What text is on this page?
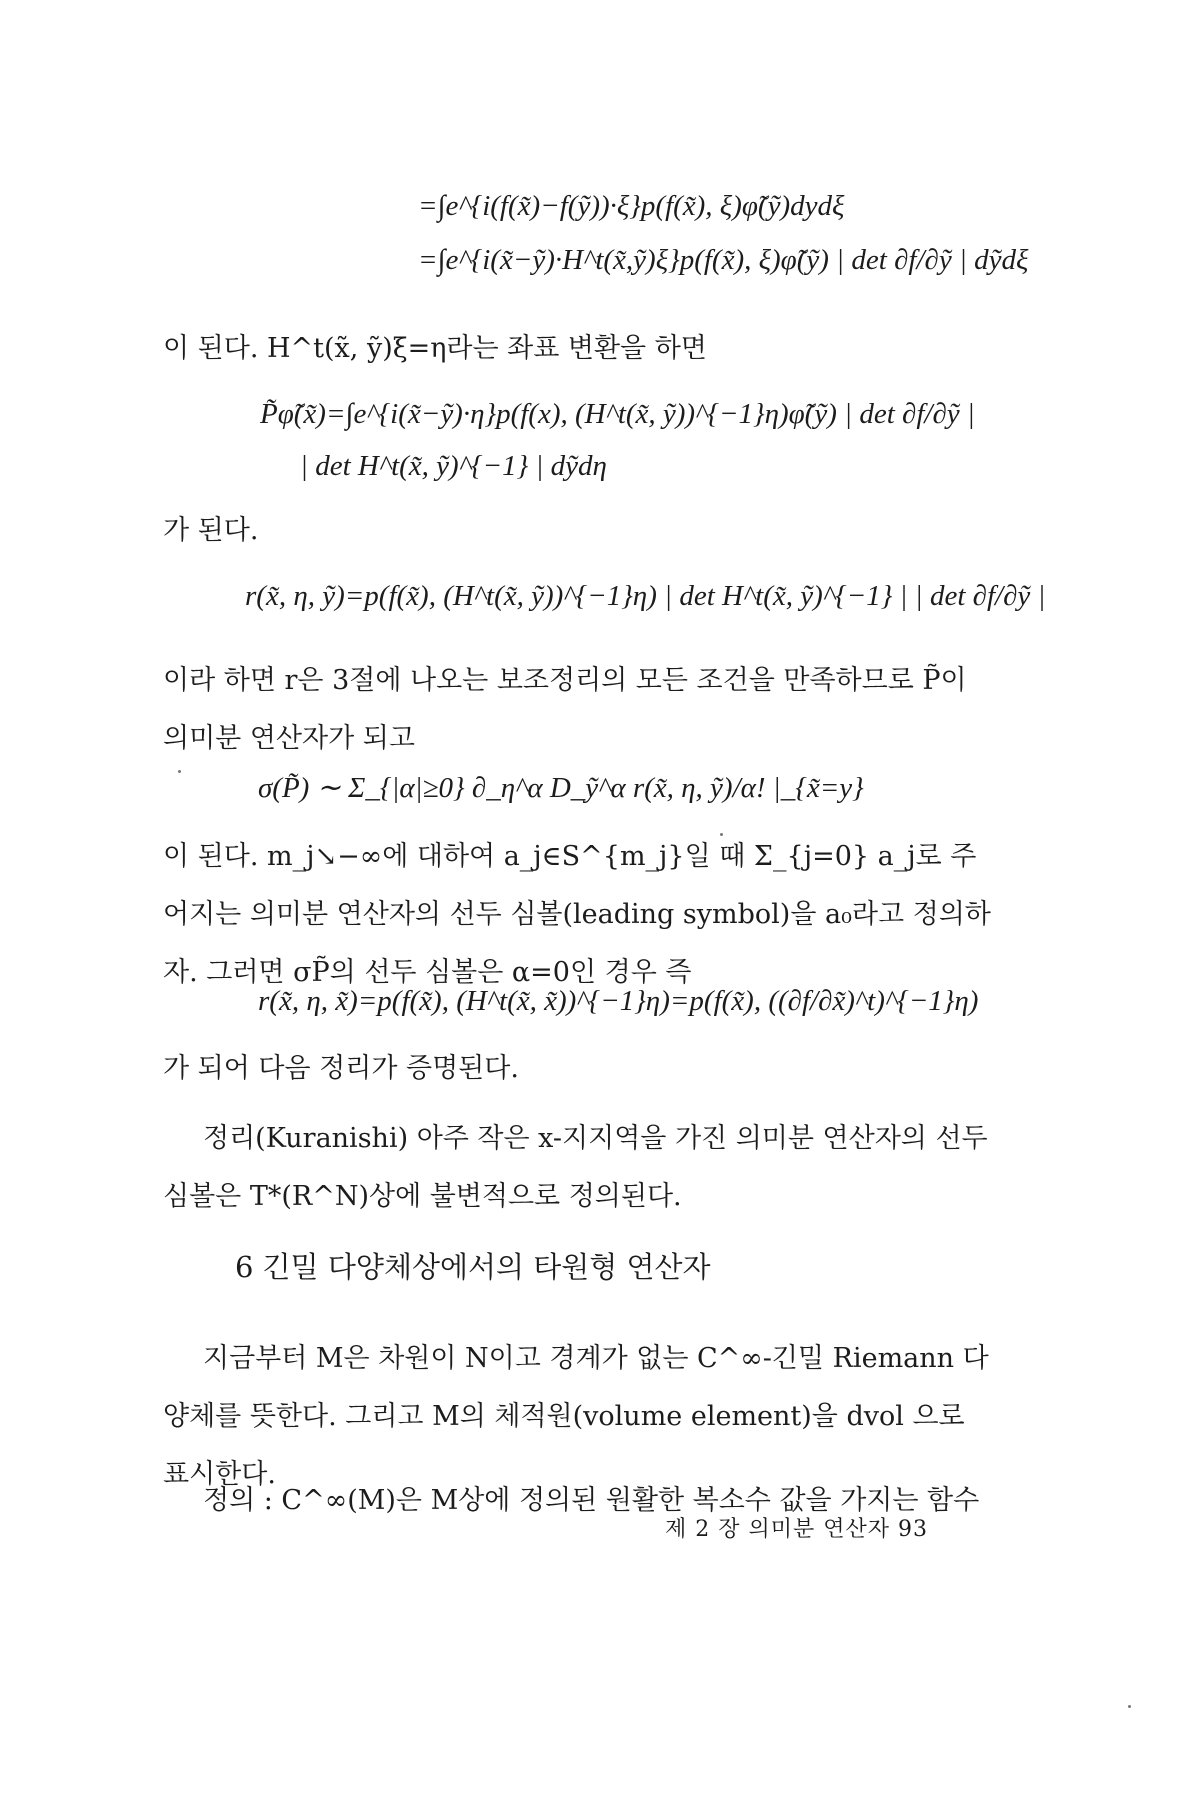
=∫e^{i(f(x̃)−f(ỹ))·ξ}p(f(x̃), ξ)φ̃(ỹ)dydξ
=∫e^{i(x̃−ỹ)·H^t(x̃,ỹ)ξ}p(f(x̃), ξ)φ̃(ỹ) | det ∂f/∂ỹ | dỹdξ
이 된다. H^t(x̃, ỹ)ξ=η라는 좌표 변환을 하면
P̃φ̃(x̃)=∫e^{i(x̃−ỹ)·η}p(f(x), (H^t(x̃, ỹ))^{−1}η)φ̃(ỹ) | det ∂f/∂ỹ |
| det H^t(x̃, ỹ)^{−1} | dỹdη
가 된다.
r(x̃, η, ỹ)=p(f(x̃), (H^t(x̃, ỹ))^{−1}η) | det H^t(x̃, ỹ)^{−1} | | det ∂f/∂ỹ |
이라 하면 r은 3절에 나오는 보조정리의 모든 조건을 만족하므로 P̃이 의미분 연산자가 되고
σ(P̃) ∼ Σ_{|α|≥0} ∂_η^α D_ỹ^α r(x̃, η, ỹ)/α! |_{x̃=y}
이 된다. m_j↘−∞에 대하여 a_j∈S^{m_j}일 때 Σ_{j=0} a_j로 주어지는 의미분 연산자의 선두 심볼(leading symbol)을 a₀라고 정의하자. 그러면 σP̃의 선두 심볼은 α=0인 경우 즉
r(x̃, η, x̃)=p(f(x̃), (H^t(x̃, x̃))^{−1}η)=p(f(x̃), ((∂f/∂x̃)^t)^{−1}η)
가 되어 다음 정리가 증명된다.
정리(Kuranishi) 아주 작은 x-지지역을 가진 의미분 연산자의 선두 심볼은 T*(R^N)상에 불변적으로 정의된다.
6 긴밀 다양체상에서의 타원형 연산자
지금부터 M은 차원이 N이고 경계가 없는 C^∞-긴밀 Riemann 다양체를 뜻한다. 그리고 M의 체적원(volume element)을 dvol 으로 표시한다.
정의 : C^∞(M)은 M상에 정의된 원활한 복소수 값을 가지는 함수
제 2 장 의미분 연산자 93
